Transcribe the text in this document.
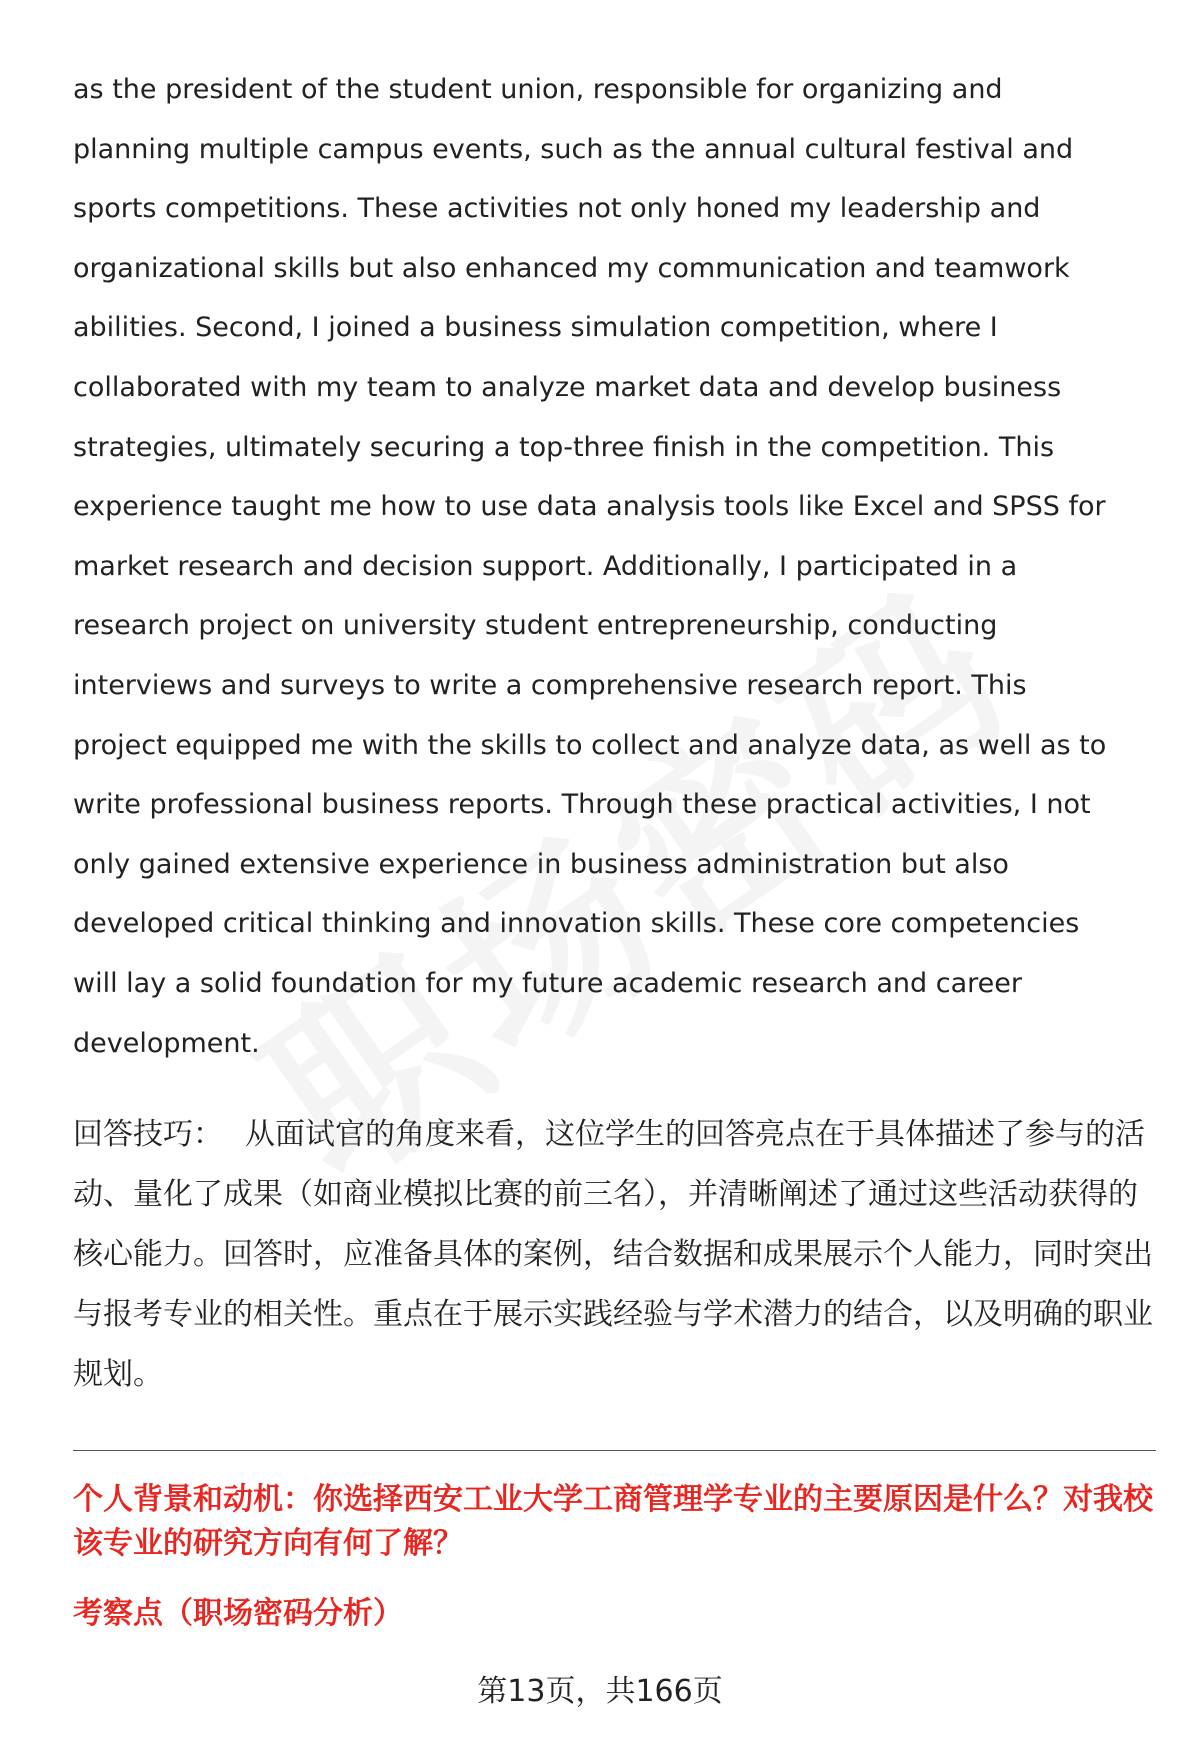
as the president of the student union, responsible for organizing and

planning multiple campus events, such as the annual cultural festival and

sports competitions. These activities not only honed my leadership and

organizational skills but also enhanced my communication and teamwork

abilities. Second, I joined a business simulation competition, where I

collaborated with my team to analyze market data and develop business

strategies, ultimately securing a top-three finish in the competition. This

experience taught me how to use data analysis tools like Excel and SPSS for

market research and decision support. Additionally, I participated in a

research project on university student entrepreneurship, conducting

interviews and surveys to write a comprehensive research report. This

project equipped me with the skills to collect and analyze data, as well as to

write professional business reports. Through these practical activities, I not

only gained extensive experience in business administration but also

developed critical thinking and innovation skills. These core competencies

will lay a solid foundation for my future academic research and career

development.

回答技巧： 从面试官的角度来看，这位学生的回答亮点在于具体描述了参与的活
动、量化了成果（如商业模拟比赛的前三名），并清晰阐述了通过这些活动获得的
核心能力。回答时，应准备具体的案例，结合数据和成果展示个人能力，同时突出
与报考专业的相关性。重点在于展示实践经验与学术潜力的结合，以及明确的职业
规划。
个人背景和动机：你选择西安工业大学工商管理学专业的主要原因是什么？对我校
该专业的研究方向有何了解？
考察点（职场密码分析）
第13页，共166页
